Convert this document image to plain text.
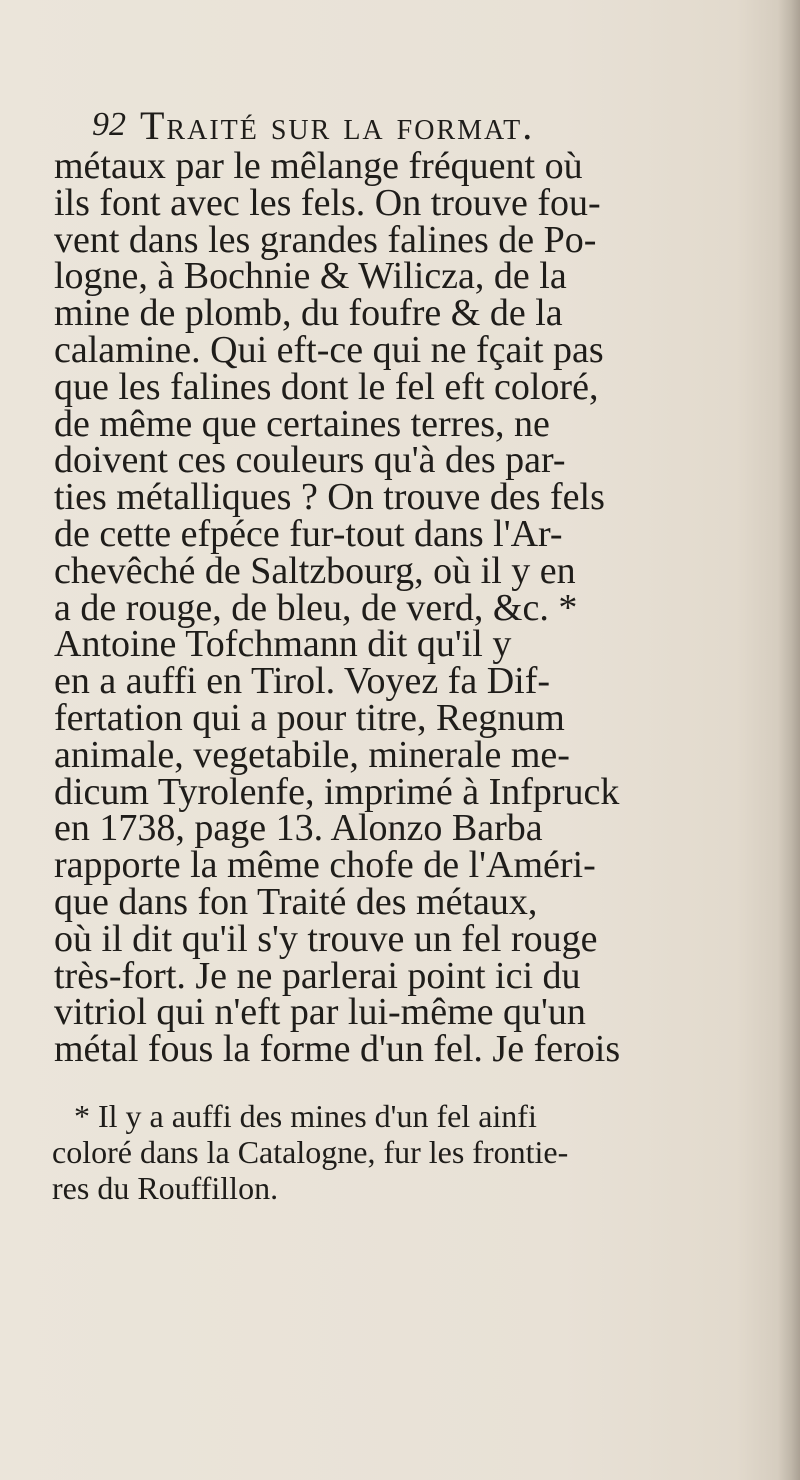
92 Traité sur la format.
métaux par le mêlange fréquent où
ils font avec les fels. On trouve fou-
vent dans les grandes falines de Po-
logne, à Bochnie & Wilicza, de la
mine de plomb, du foufre & de la
calamine. Qui eft-ce qui ne fçait pas
que les falines dont le fel eft coloré,
de même que certaines terres, ne
doivent ces couleurs qu'à des par-
ties métalliques ? On trouve des fels
de cette efpéce fur-tout dans l'Ar-
chevêché de Saltzbourg, où il y en
a de rouge, de bleu, de verd, &c. *
Antoine Tofchmann dit qu'il y
en a auffi en Tirol. Voyez fa Dif-
fertation qui a pour titre, Regnum
animale, vegetabile, minerale me-
dicum Tyrolenfe, imprimé à Infpruck
en 1738, page 13. Alonzo Barba
rapporte la même chofe de l'Améri-
que dans fon Traité des métaux,
où il dit qu'il s'y trouve un fel rouge
très-fort. Je ne parlerai point ici du
vitriol qui n'eft par lui-même qu'un
métal fous la forme d'un fel. Je ferois
* Il y a auffi des mines d'un fel ainfi
coloré dans la Catalogne, fur les frontie-
res du Rouffillon.
